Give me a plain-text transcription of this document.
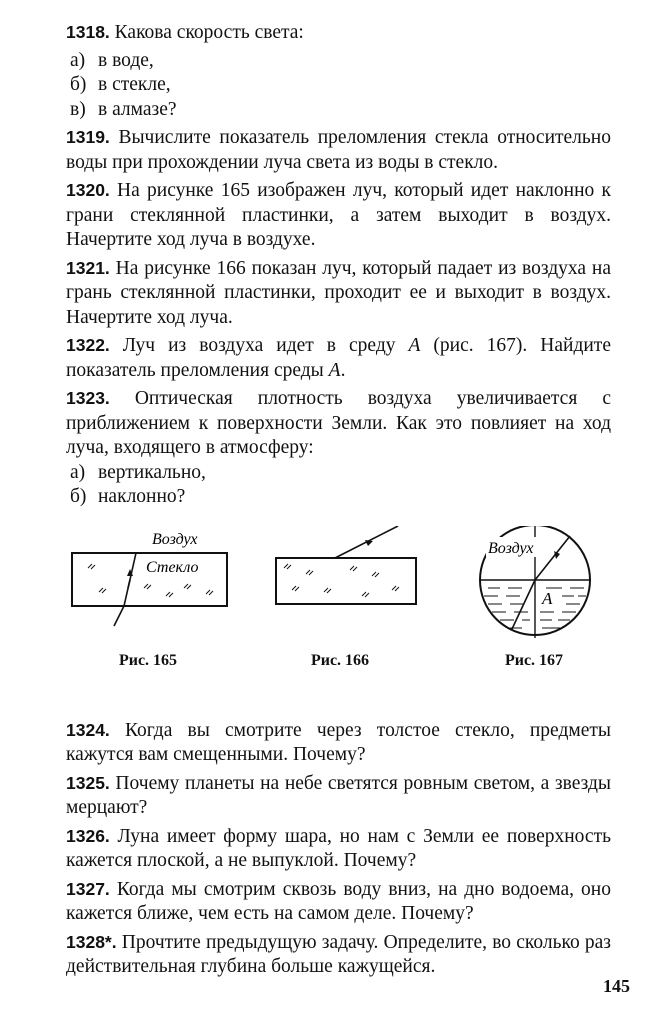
1318. Какова скорость света:

а) в воде,

б) в стекле,

в) в алмазе?

1319. Вычислите показатель преломления стекла относительно воды при прохождении луча света из воды в стекло.

1320. На рисунке 165 изображен луч, который идет наклонно к грани стеклянной пластинки, а затем выходит в воздух. Начертите ход луча в воздухе.

1321. На рисунке 166 показан луч, который падает из воздуха на грань стеклянной пластинки, проходит ее и выходит в воздух. Начертите ход луча.

1322. Луч из воздуха идет в среду A (рис. 167). Найдите показатель преломления среды A.

1323. Оптическая плотность воздуха увеличивается с приближением к поверхности Земли. Как это повлияет на ход луча, входящего в атмосферу:

а) вертикально,

б) наклонно?

Воздух
Стекло
Рис. 165	Рис. 166
Воздух
A
Рис. 167

1324. Когда вы смотрите через толстое стекло, предметы кажутся вам смещенными. Почему?

1325. Почему планеты на небе светятся ровным светом, а звезды мерцают?

1326. Луна имеет форму шара, но нам с Земли ее поверхность кажется плоской, а не выпуклой. Почему?

1327. Когда мы смотрим сквозь воду вниз, на дно водоема, оно кажется ближе, чем есть на самом деле. Почему?

1328*. Прочтите предыдущую задачу. Определите, во сколько раз действительная глубина больше кажущейся.

145
